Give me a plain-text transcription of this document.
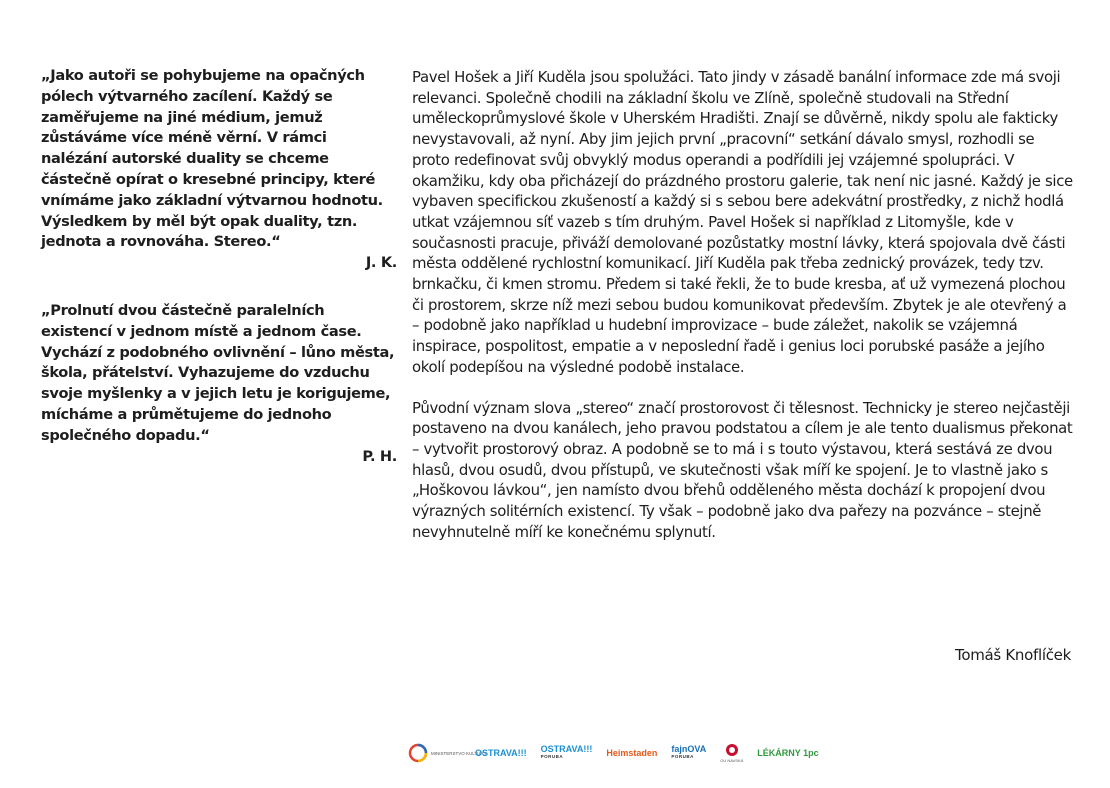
„Jako autoři se pohybujeme na opačných pólech výtvarného zacílení. Každý se zaměřujeme na jiné médium, jemuž zůstáváme více méně věrní. V rámci nalézání autorské duality se chceme částečně opírat o kresebné principy, které vnímáme jako základní výtvarnou hodnotu. Výsledkem by měl být opak duality, tzn. jednota a rovnováha. Stereo.“

J. K.

„Prolnutí dvou částečně paralelních existencí v jednom místě a jednom čase. Vychází z podobného ovlivnění – lůno města, škola, přátelství. Vyhazujeme do vzduchu svoje myšlenky a v jejich letu je korigujeme, mícháme a průmětujeme do jednoho společného dopadu.“

P. H.

Pavel Hošek a Jiří Kuděla jsou spolužáci. Tato jindy v zásadě banální informace zde má svoji relevanci. Společně chodili na základní školu ve Zlíně, společně studovali na Střední uměleckoprůmyslové škole v Uherském Hradišti. Znají se důvěrně, nikdy spolu ale fakticky nevystavovali, až nyní. Aby jim jejich první „pracovní“ setkání dávalo smysl, rozhodli se proto redefinovat svůj obvyklý modus operandi a podřídili jej vzájemné spolupráci. V okamžiku, kdy oba přicházejí do prázdného prostoru galerie, tak není nic jasné. Každý je sice vybaven specifickou zkušeností a každý si s sebou bere adekvátní prostředky, z nichž hodlá utkat vzájemnou síť vazeb s tím druhým. Pavel Hošek si například z Litomyšle, kde v současnosti pracuje, přiváží demolované pozůstatky mostní lávky, která spojovala dvě části města oddělené rychlostní komunikací. Jiří Kuděla pak třeba zednický provázek, tedy tzv. brnkačku, či kmen stromu. Předem si také řekli, že to bude kresba, ať už vymezená plochou či prostorem, skrze níž mezi sebou budou komunikovat především. Zbytek je ale otevřený a – podobně jako například u hudební improvizace – bude záležet, nakolik se vzájemná inspirace, pospolitost, empatie a v neposlední řadě i genius loci porubské pasáže a jejího okolí podepíšou na výsledné podobě instalace.

Původní význam slova „stereo“ značí prostorovost či tělesnost. Technicky je stereo nejčastěji postaveno na dvou kanálech, jeho pravou podstatou a cílem je ale tento dualismus překonat – vytvořit prostorový obraz. A podobně se to má i s touto výstavou, která sestává ze dvou hlasů, dvou osudů, dvou přístupů, ve skutečnosti však míří ke spojení. Je to vlastně jako s „Hoškovou lávkou“, jen namísto dvou břehů odděleného města dochází k propojení dvou výrazných solitérních existencí. Ty však – podobně jako dva pařezy na pozvánce – stejně nevyhnutelně míří ke konečnému splynutí.

Tomáš Knoflíček
MINISTERSTVO KULTURY
OSTRAVA!!! OSTRAVA!!!
PORUBA	Heimstaden fajnOVA
PORUBA
OU NAVSKÁ
LÉKÁRNY 1pc
